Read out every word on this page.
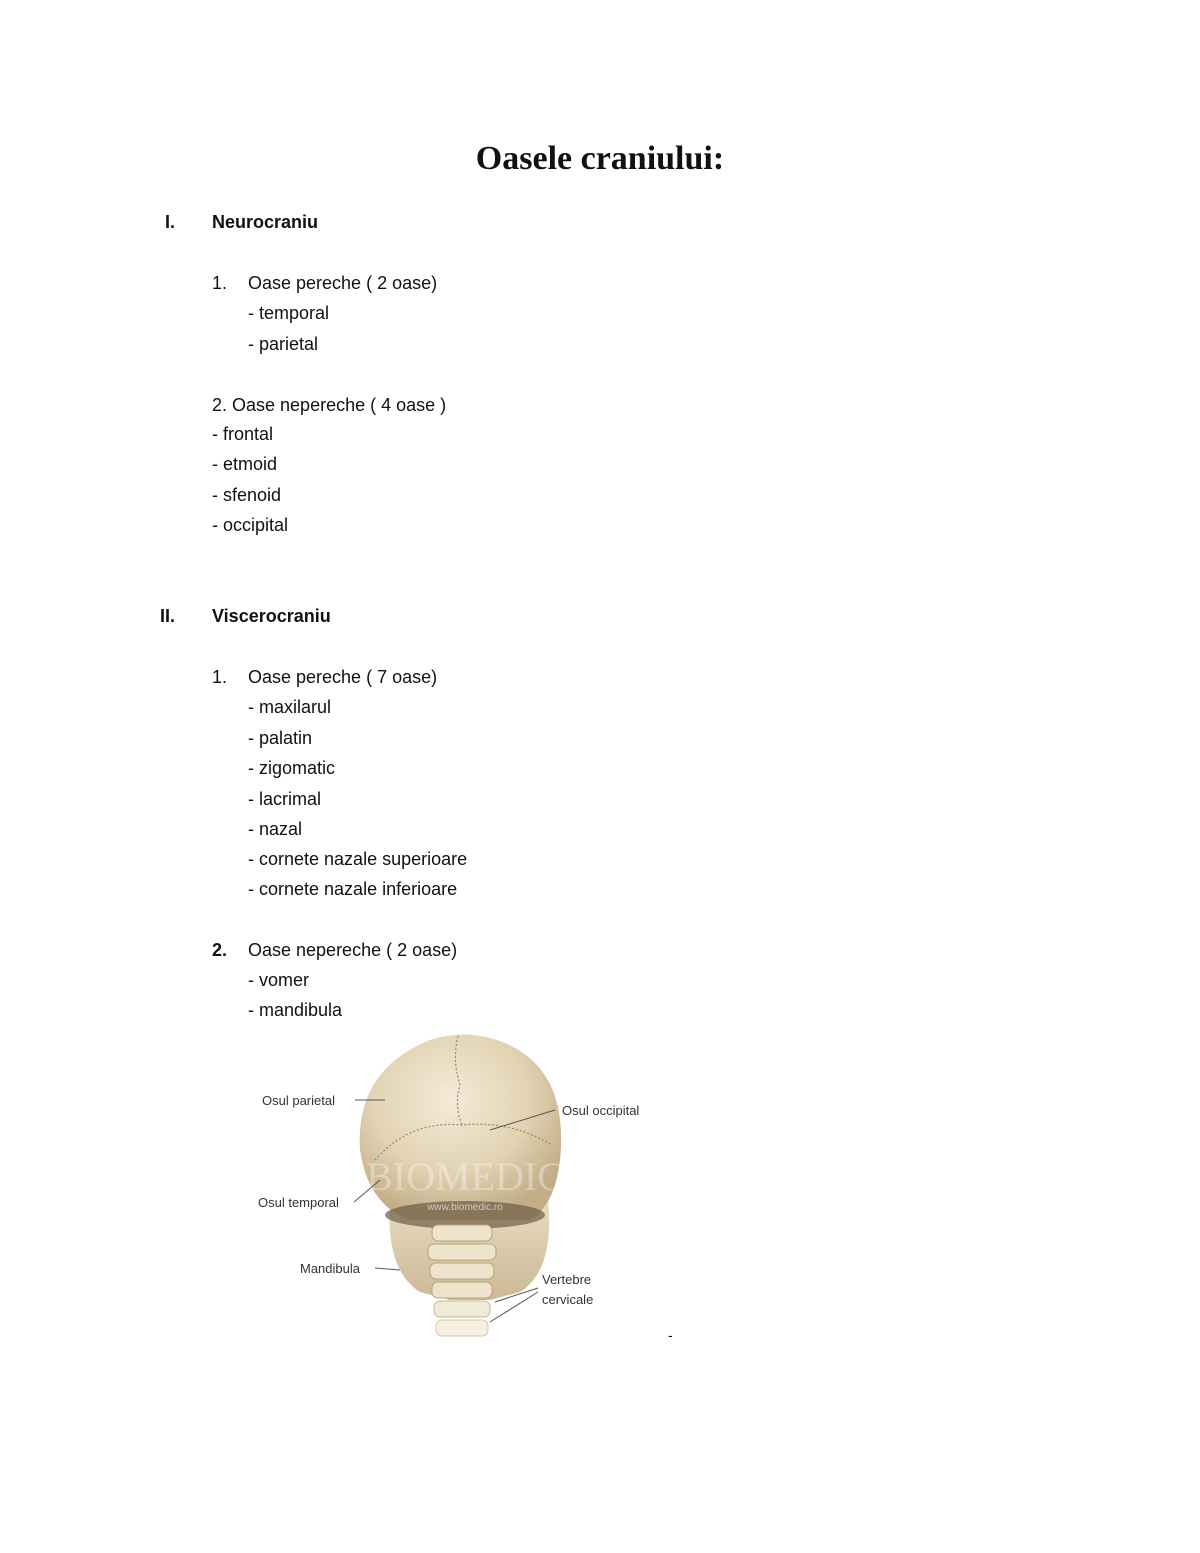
Oasele craniului:
I. Neurocraniu
1. Oase pereche ( 2 oase)
- temporal
- parietal
2. Oase nepereche ( 4 oase )
- frontal
- etmoid
- sfenoid
- occipital
II. Viscerocraniu
1. Oase pereche ( 7 oase)
- maxilarul
- palatin
- zigomatic
- lacrimal
- nazal
- cornete nazale superioare
- cornete nazale inferioare
2. Oase nepereche ( 2 oase)
- vomer
- mandibula
BIOMEDIC
www.biomedic.ro
Osul parietal
Osul occipital
Osul temporal
Mandibula
Vertebre
cervicale
-
